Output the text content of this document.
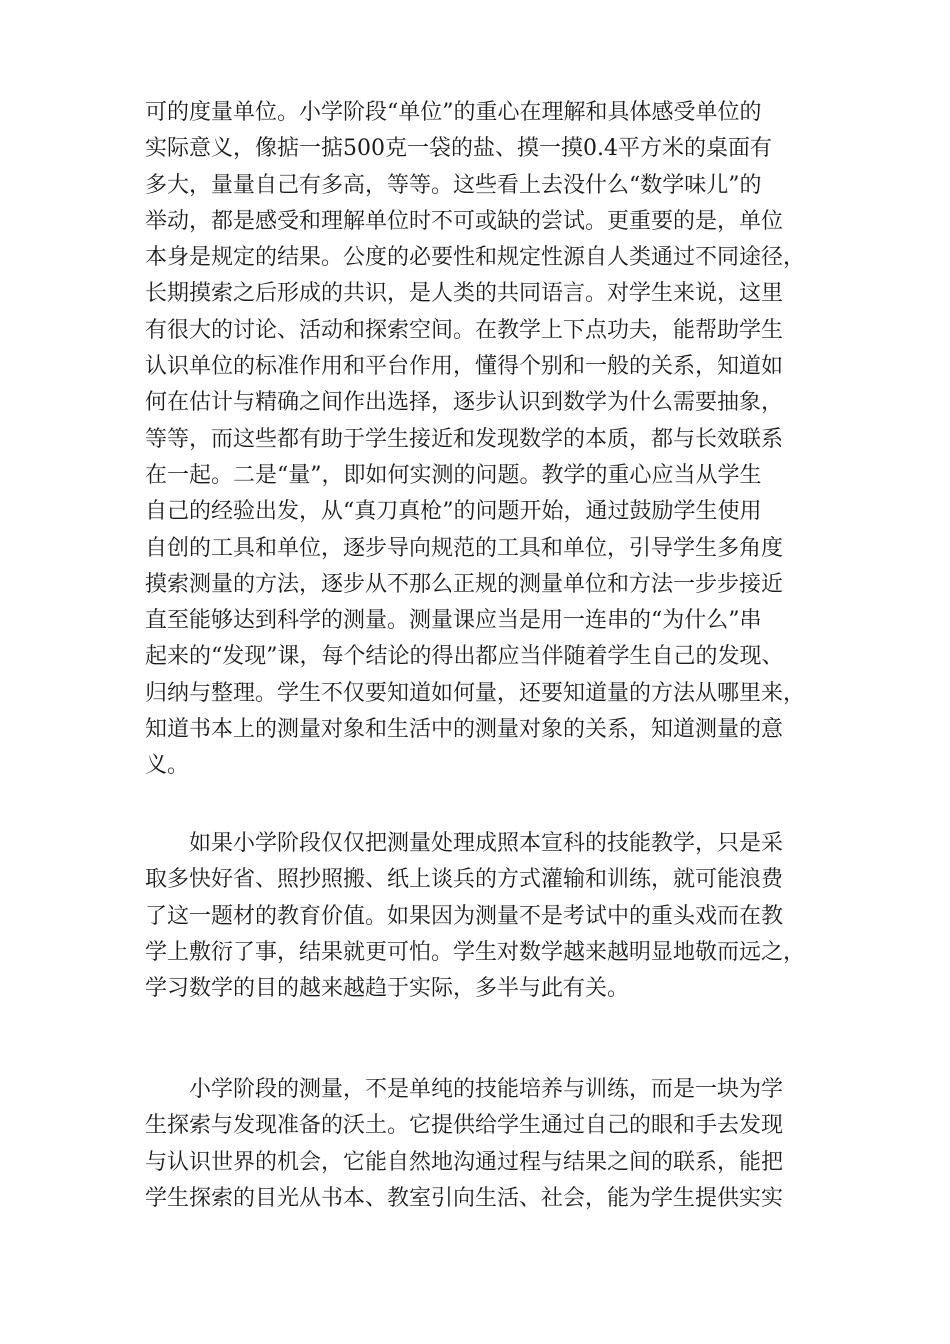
可的度量单位。小学阶段“单位”的重心在理解和具体感受单位的
实际意义，像掂一掂500克一袋的盐、摸一摸0.4平方米的桌面有
多大，量量自己有多高，等等。这些看上去没什么“数学味儿”的
举动，都是感受和理解单位时不可或缺的尝试。更重要的是，单位
本身是规定的结果。公度的必要性和规定性源自人类通过不同途径，
长期摸索之后形成的共识，是人类的共同语言。对学生来说，这里
有很大的讨论、活动和探索空间。在教学上下点功夫，能帮助学生
认识单位的标准作用和平台作用，懂得个别和一般的关系，知道如
何在估计与精确之间作出选择，逐步认识到数学为什么需要抽象，
等等，而这些都有助于学生接近和发现数学的本质，都与长效联系
在一起。二是“量”，即如何实测的问题。教学的重心应当从学生
自己的经验出发，从“真刀真枪”的问题开始，通过鼓励学生使用
自创的工具和单位，逐步导向规范的工具和单位，引导学生多角度
摸索测量的方法，逐步从不那么正规的测量单位和方法一步步接近
直至能够达到科学的测量。测量课应当是用一连串的“为什么”串
起来的“发现”课，每个结论的得出都应当伴随着学生自己的发现、
归纳与整理。学生不仅要知道如何量，还要知道量的方法从哪里来，
知道书本上的测量对象和生活中的测量对象的关系，知道测量的意
义。
　　如果小学阶段仅仅把测量处理成照本宣科的技能教学，只是采
取多快好省、照抄照搬、纸上谈兵的方式灌输和训练，就可能浪费
了这一题材的教育价值。如果因为测量不是考试中的重头戏而在教
学上敷衍了事，结果就更可怕。学生对数学越来越明显地敬而远之，
学习数学的目的越来越趋于实际，多半与此有关。
　　小学阶段的测量，不是单纯的技能培养与训练，而是一块为学
生探索与发现准备的沃土。它提供给学生通过自己的眼和手去发现
与认识世界的机会，它能自然地沟通过程与结果之间的联系，能把
学生探索的目光从书本、教室引向生活、社会，能为学生提供实实
